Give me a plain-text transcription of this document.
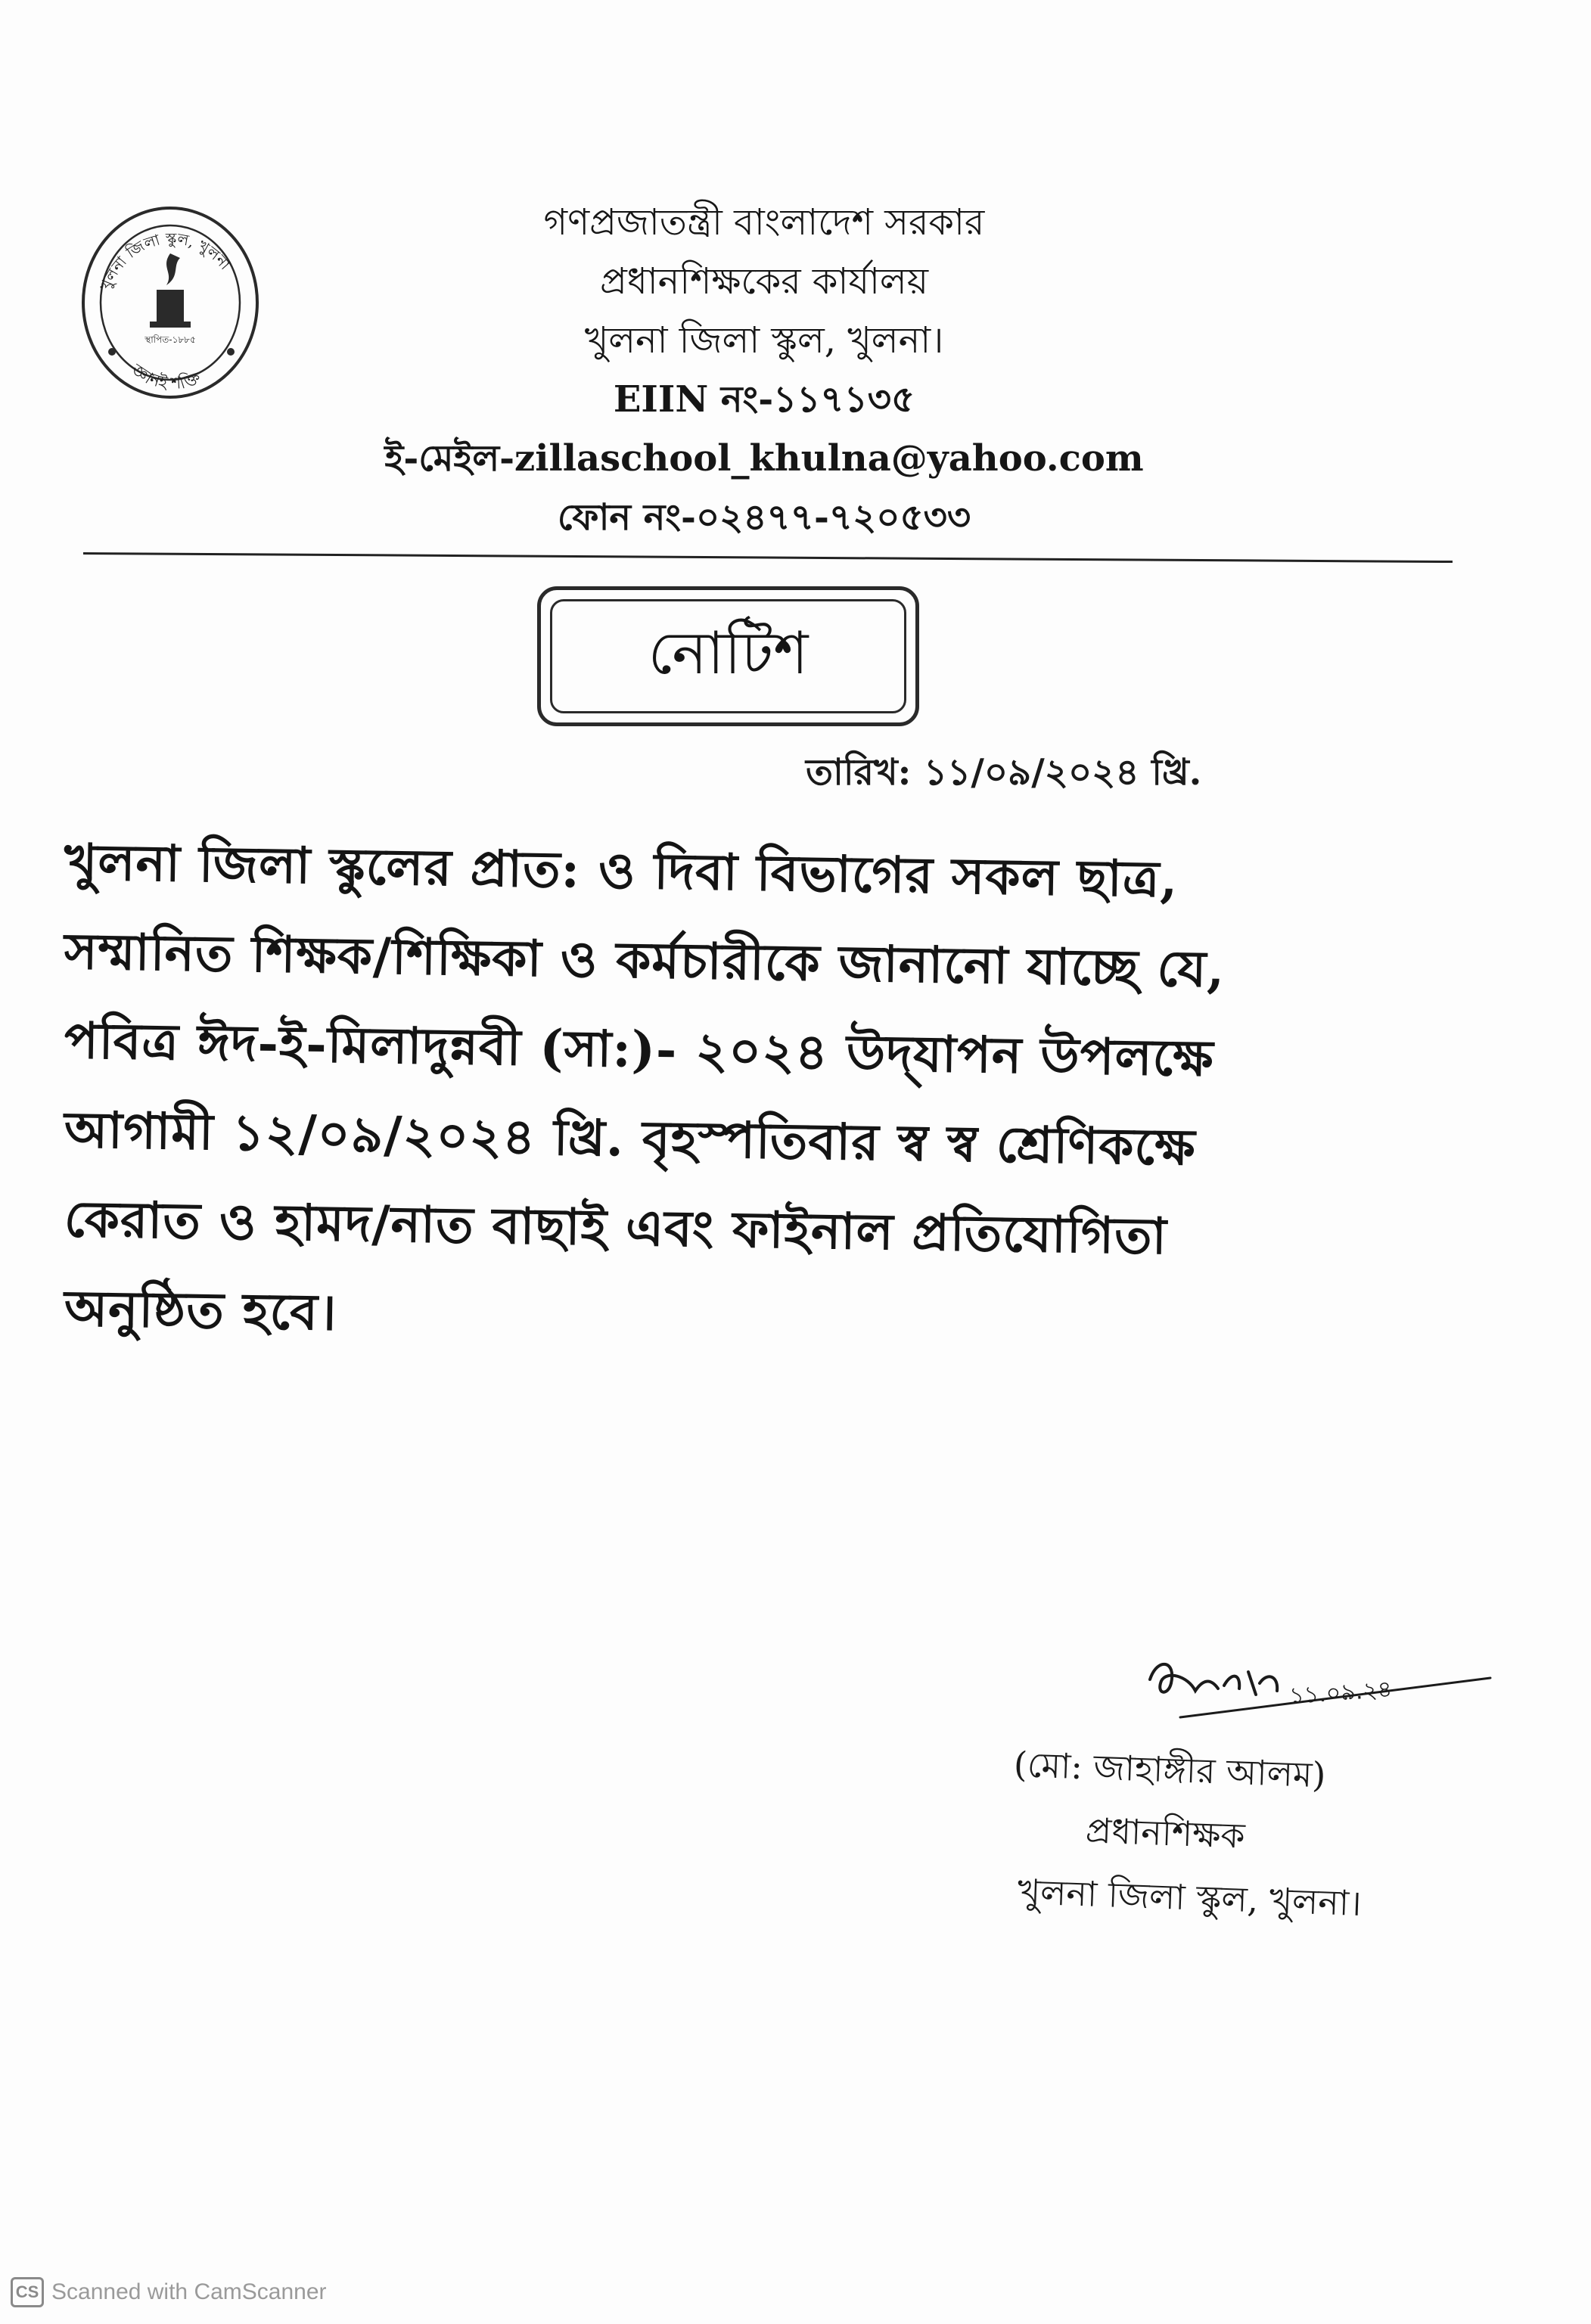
খুলনা জিলা স্কুল, খুলনা
স্থাপিত-১৮৮৫
জ্ঞানই শক্তি
গণপ্রজাতন্ত্রী বাংলাদেশ সরকার
প্রধানশিক্ষকের কার্যালয়
খুলনা জিলা স্কুল, খুলনা।
EIIN নং-১১৭১৩৫
ই-মেইল-zillaschool_khulna@yahoo.com
ফোন নং-০২৪৭৭-৭২০৫৩৩
নোটিশ
তারিখ: ১১/০৯/২০২৪ খ্রি.
খুলনা জিলা স্কুলের প্রাত: ও দিবা বিভাগের সকল ছাত্র,
সম্মানিত শিক্ষক/শিক্ষিকা ও কর্মচারীকে জানানো যাচ্ছে যে,
পবিত্র ঈদ-ই-মিলাদুন্নবী (সা:)- ২০২৪ উদ্‌যাপন উপলক্ষে
আগামী ১২/০৯/২০২৪ খ্রি. বৃহস্পতিবার স্ব স্ব শ্রেণিকক্ষে
কেরাত ও হামদ/নাত বাছাই এবং ফাইনাল প্রতিযোগিতা
অনুষ্ঠিত হবে।
১১.০৯.২৪
(মো: জাহাঙ্গীর আলম)
প্রধানশিক্ষক
খুলনা জিলা স্কুল, খুলনা।
CS Scanned with CamScanner
